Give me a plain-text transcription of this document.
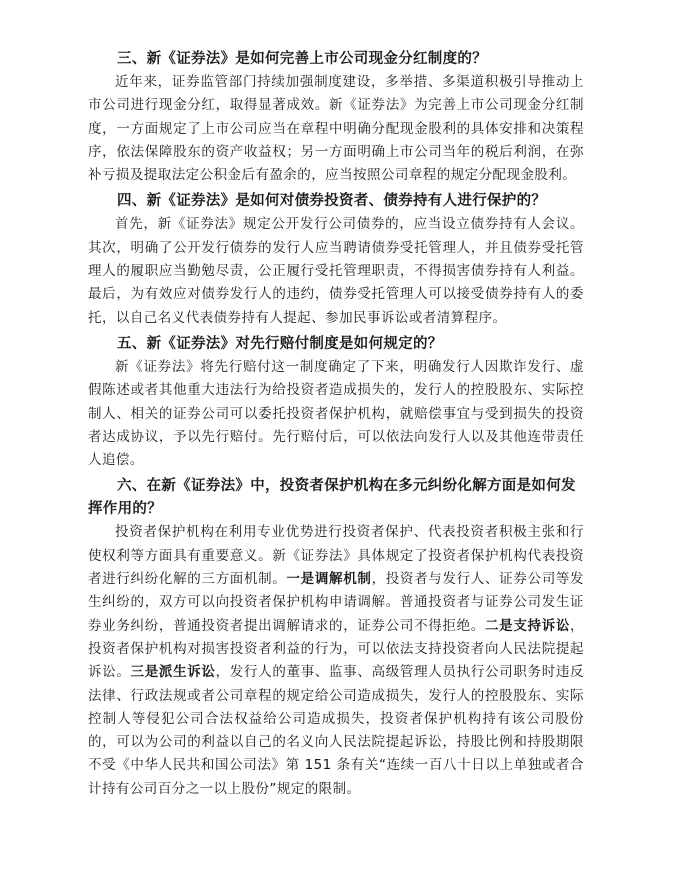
三、新《证券法》是如何完善上市公司现金分红制度的？

近年来，证券监管部门持续加强制度建设，多举措、多渠道积极引导推动上市公司进行现金分红，取得显著成效。新《证券法》为完善上市公司现金分红制度，一方面规定了上市公司应当在章程中明确分配现金股利的具体安排和决策程序，依法保障股东的资产收益权；另一方面明确上市公司当年的税后利润，在弥补亏损及提取法定公积金后有盈余的，应当按照公司章程的规定分配现金股利。

四、新《证券法》是如何对债券投资者、债券持有人进行保护的？

首先，新《证券法》规定公开发行公司债券的，应当设立债券持有人会议。其次，明确了公开发行债券的发行人应当聘请债券受托管理人，并且债券受托管理人的履职应当勤勉尽责，公正履行受托管理职责，不得损害债券持有人利益。最后，为有效应对债券发行人的违约，债券受托管理人可以接受债券持有人的委托，以自己名义代表债券持有人提起、参加民事诉讼或者清算程序。

五、新《证券法》对先行赔付制度是如何规定的？

新《证券法》将先行赔付这一制度确定了下来，明确发行人因欺诈发行、虚假陈述或者其他重大违法行为给投资者造成损失的，发行人的控股股东、实际控制人、相关的证券公司可以委托投资者保护机构，就赔偿事宜与受到损失的投资者达成协议，予以先行赔付。先行赔付后，可以依法向发行人以及其他连带责任人追偿。

六、在新《证券法》中，投资者保护机构在多元纠纷化解方面是如何发挥作用的？

投资者保护机构在利用专业优势进行投资者保护、代表投资者积极主张和行使权利等方面具有重要意义。新《证券法》具体规定了投资者保护机构代表投资者进行纠纷化解的三方面机制。一是调解机制，投资者与发行人、证券公司等发生纠纷的，双方可以向投资者保护机构申请调解。普通投资者与证券公司发生证券业务纠纷，普通投资者提出调解请求的，证券公司不得拒绝。二是支持诉讼，投资者保护机构对损害投资者利益的行为，可以依法支持投资者向人民法院提起诉讼。三是派生诉讼，发行人的董事、监事、高级管理人员执行公司职务时违反法律、行政法规或者公司章程的规定给公司造成损失，发行人的控股股东、实际控制人等侵犯公司合法权益给公司造成损失，投资者保护机构持有该公司股份的，可以为公司的利益以自己的名义向人民法院提起诉讼，持股比例和持股期限不受《中华人民共和国公司法》第 151 条有关“连续一百八十日以上单独或者合计持有公司百分之一以上股份”规定的限制。
